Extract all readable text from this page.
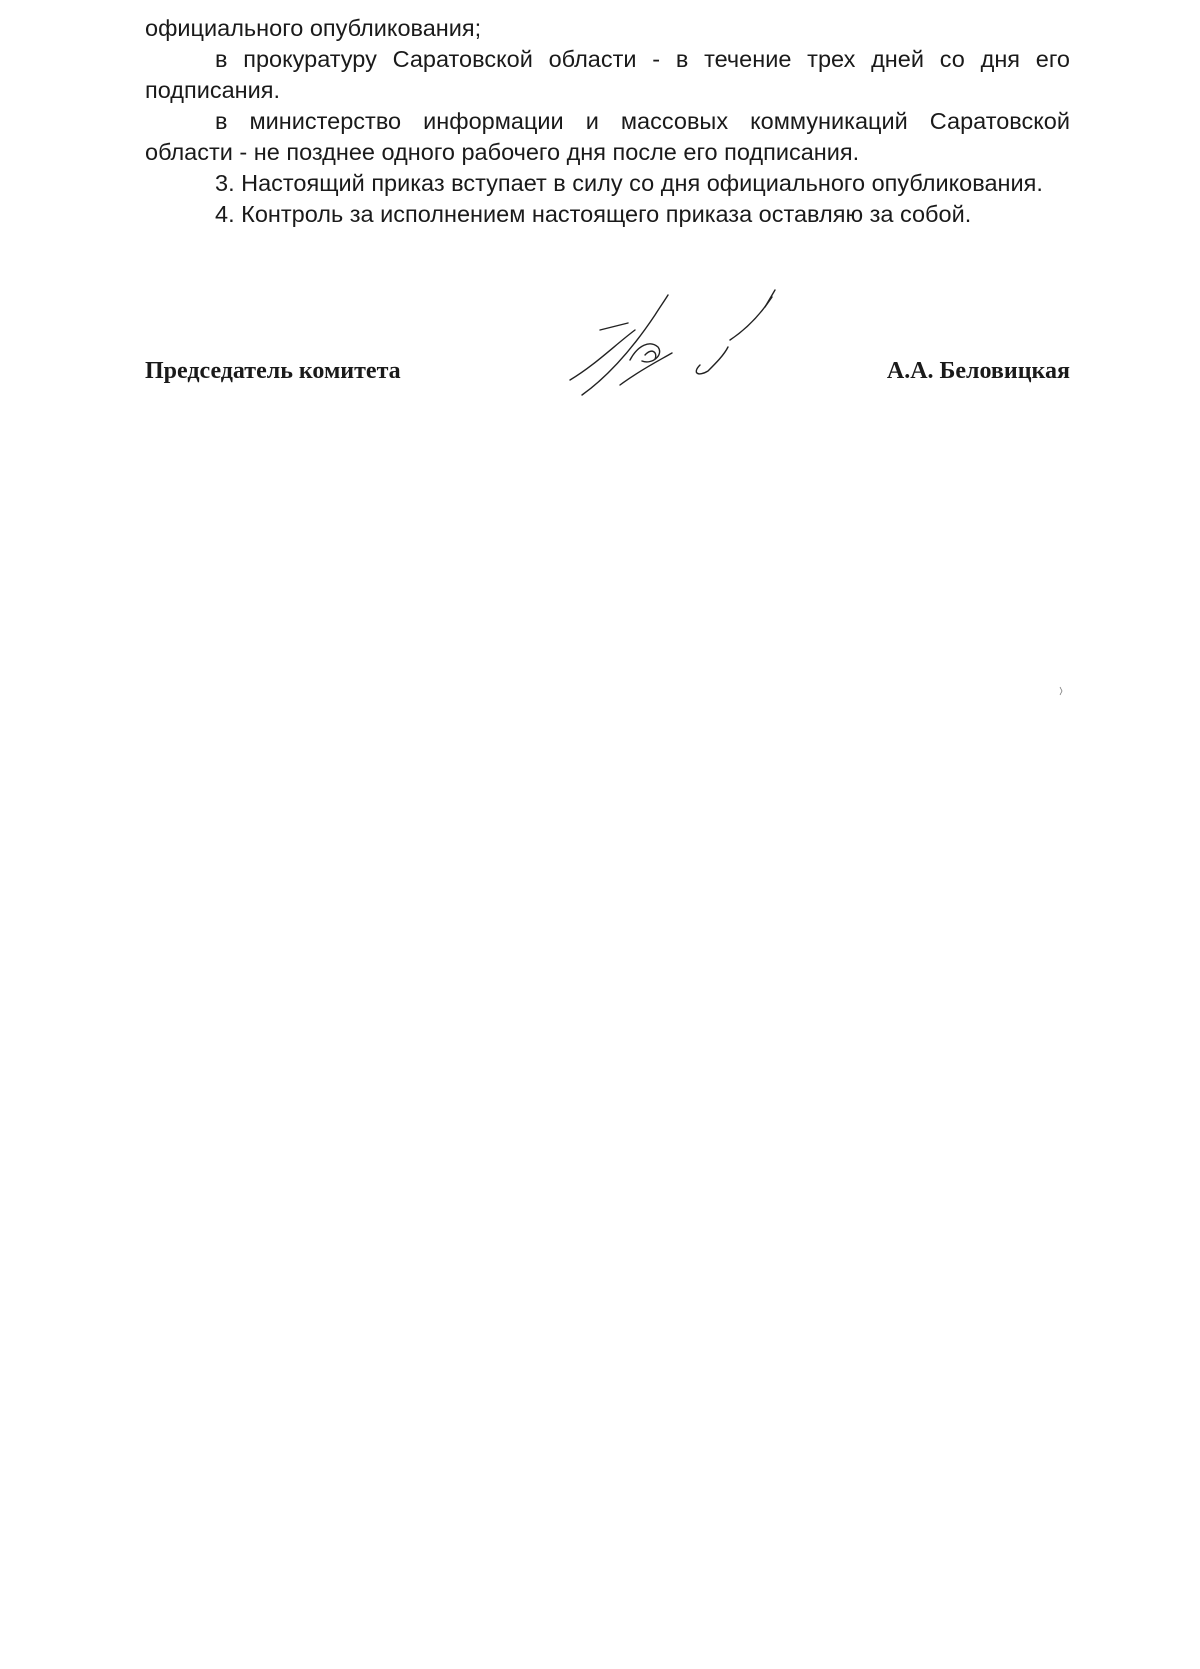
официального опубликования;

в прокуратуру Саратовской области - в течение трех дней со дня его подписания.

в министерство информации и массовых коммуникаций Саратовской области - не позднее одного рабочего дня после его подписания.

3. Настоящий приказ вступает в силу со дня официального опубликования.

4. Контроль за исполнением настоящего приказа оставляю за собой.

Председатель комитета	А.А. Беловицкая
